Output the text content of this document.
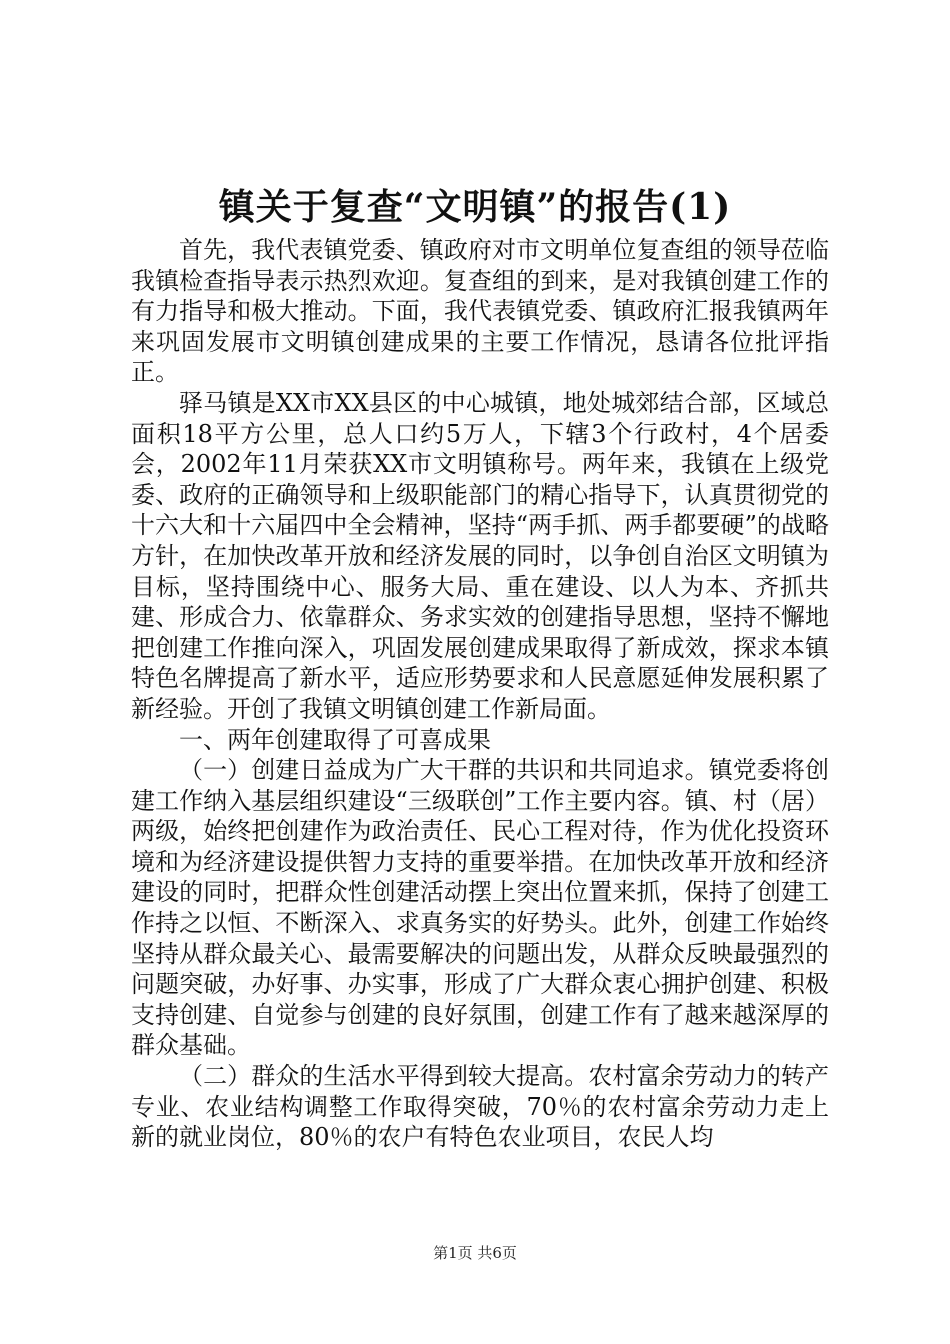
镇关于复查“文明镇”的报告(1)

首先，我代表镇党委、镇政府对市文明单位复查组的领导莅临我镇检查指导表示热烈欢迎。复查组的到来，是对我镇创建工作的有力指导和极大推动。下面，我代表镇党委、镇政府汇报我镇两年来巩固发展市文明镇创建成果的主要工作情况，恳请各位批评指正。

驿马镇是XX市XX县区的中心城镇，地处城郊结合部，区域总面积18平方公里，总人口约5万人，下辖3个行政村，4个居委会，2002年11月荣获XX市文明镇称号。两年来，我镇在上级党委、政府的正确领导和上级职能部门的精心指导下，认真贯彻党的十六大和十六届四中全会精神，坚持“两手抓、两手都要硬”的战略方针，在加快改革开放和经济发展的同时，以争创自治区文明镇为目标，坚持围绕中心、服务大局、重在建设、以人为本、齐抓共建、形成合力、依靠群众、务求实效的创建指导思想，坚持不懈地把创建工作推向深入，巩固发展创建成果取得了新成效，探求本镇特色名牌提高了新水平，适应形势要求和人民意愿延伸发展积累了新经验。开创了我镇文明镇创建工作新局面。

一、两年创建取得了可喜成果

（一）创建日益成为广大干群的共识和共同追求。镇党委将创建工作纳入基层组织建设“三级联创”工作主要内容。镇、村（居）两级，始终把创建作为政治责任、民心工程对待，作为优化投资环境和为经济建设提供智力支持的重要举措。在加快改革开放和经济建设的同时，把群众性创建活动摆上突出位置来抓，保持了创建工作持之以恒、不断深入、求真务实的好势头。此外，创建工作始终坚持从群众最关心、最需要解决的问题出发，从群众反映最强烈的问题突破，办好事、办实事，形成了广大群众衷心拥护创建、积极支持创建、自觉参与创建的良好氛围，创建工作有了越来越深厚的群众基础。

（二）群众的生活水平得到较大提高。农村富余劳动力的转产专业、农业结构调整工作取得突破，70％的农村富余劳动力走上新的就业岗位，80％的农户有特色农业项目，农民人均

第1页 共6页
